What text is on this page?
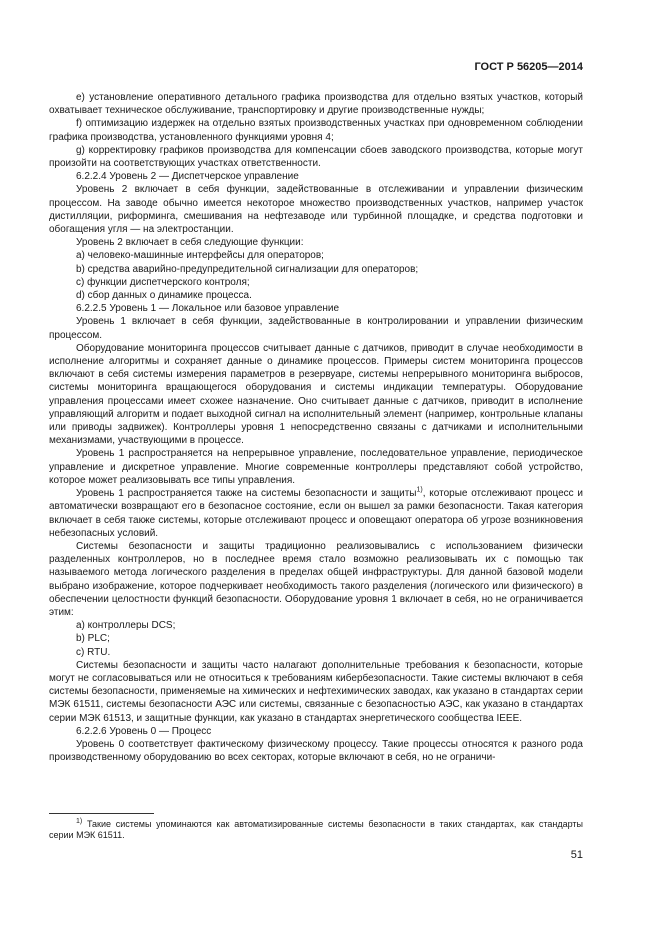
ГОСТ Р 56205—2014

e) установление оперативного детального графика производства для отдельно взятых участков, который охватывает техническое обслуживание, транспортировку и другие производственные нужды;

f) оптимизацию издержек на отдельно взятых производственных участках при одновременном соблюдении графика производства, установленного функциями уровня 4;

g) корректировку графиков производства для компенсации сбоев заводского производства, которые могут произойти на соответствующих участках ответственности.

6.2.2.4 Уровень 2 — Диспетчерское управление

Уровень 2 включает в себя функции, задействованные в отслеживании и управлении физическим процессом. На заводе обычно имеется некоторое множество производственных участков, например участок дистилляции, риформинга, смешивания на нефтезаводе или турбинной площадке, и средства подготовки и обогащения угля — на электростанции.

Уровень 2 включает в себя следующие функции:

a) человеко-машинные интерфейсы для операторов;

b) средства аварийно-предупредительной сигнализации для операторов;

c) функции диспетчерского контроля;

d) сбор данных о динамике процесса.

6.2.2.5 Уровень 1 — Локальное или базовое управление

Уровень 1 включает в себя функции, задействованные в контролировании и управлении физическим процессом.

Оборудование мониторинга процессов считывает данные с датчиков, приводит в случае необходимости в исполнение алгоритмы и сохраняет данные о динамике процессов. Примеры систем мониторинга процессов включают в себя системы измерения параметров в резервуаре, системы непрерывного мониторинга выбросов, системы мониторинга вращающегося оборудования и системы индикации температуры. Оборудование управления процессами имеет схожее назначение. Оно считывает данные с датчиков, приводит в исполнение управляющий алгоритм и подает выходной сигнал на исполнительный элемент (например, контрольные клапаны или приводы задвижек). Контроллеры уровня 1 непосредственно связаны с датчиками и исполнительными механизмами, участвующими в процессе.

Уровень 1 распространяется на непрерывное управление, последовательное управление, периодическое управление и дискретное управление. Многие современные контроллеры представляют собой устройство, которое может реализовывать все типы управления.

Уровень 1 распространяется также на системы безопасности и защиты$^{1)}$, которые отслеживают процесс и автоматически возвращают его в безопасное состояние, если он вышел за рамки безопасности. Такая категория включает в себя также системы, которые отслеживают процесс и оповещают оператора об угрозе возникновения небезопасных условий.

Системы безопасности и защиты традиционно реализовывались с использованием физически разделенных контроллеров, но в последнее время стало возможно реализовывать их с помощью так называемого метода логического разделения в пределах общей инфраструктуры. Для данной базовой модели выбрано изображение, которое подчеркивает необходимость такого разделения (логического или физического) в обеспечении целостности функций безопасности. Оборудование уровня 1 включает в себя, но не ограничивается этим:

a) контроллеры DCS;

b) PLC;

c) RTU.

Системы безопасности и защиты часто налагают дополнительные требования к безопасности, которые могут не согласовываться или не относиться к требованиям кибербезопасности. Такие системы включают в себя системы безопасности, применяемые на химических и нефтехимических заводах, как указано в стандартах серии МЭК 61511, системы безопасности АЭС или системы, связанные с безопасностью АЭС, как указано в стандартах серии МЭК 61513, и защитные функции, как указано в стандартах энергетического сообщества IEEE.

6.2.2.6 Уровень 0 — Процесс

Уровень 0 соответствует фактическому физическому процессу. Такие процессы относятся к разного рода производственному оборудованию во всех секторах, которые включают в себя, но не ограничи-

$^{1)}$ Такие системы упоминаются как автоматизированные системы безопасности в таких стандартах, как стандарты серии МЭК 61511.

51
